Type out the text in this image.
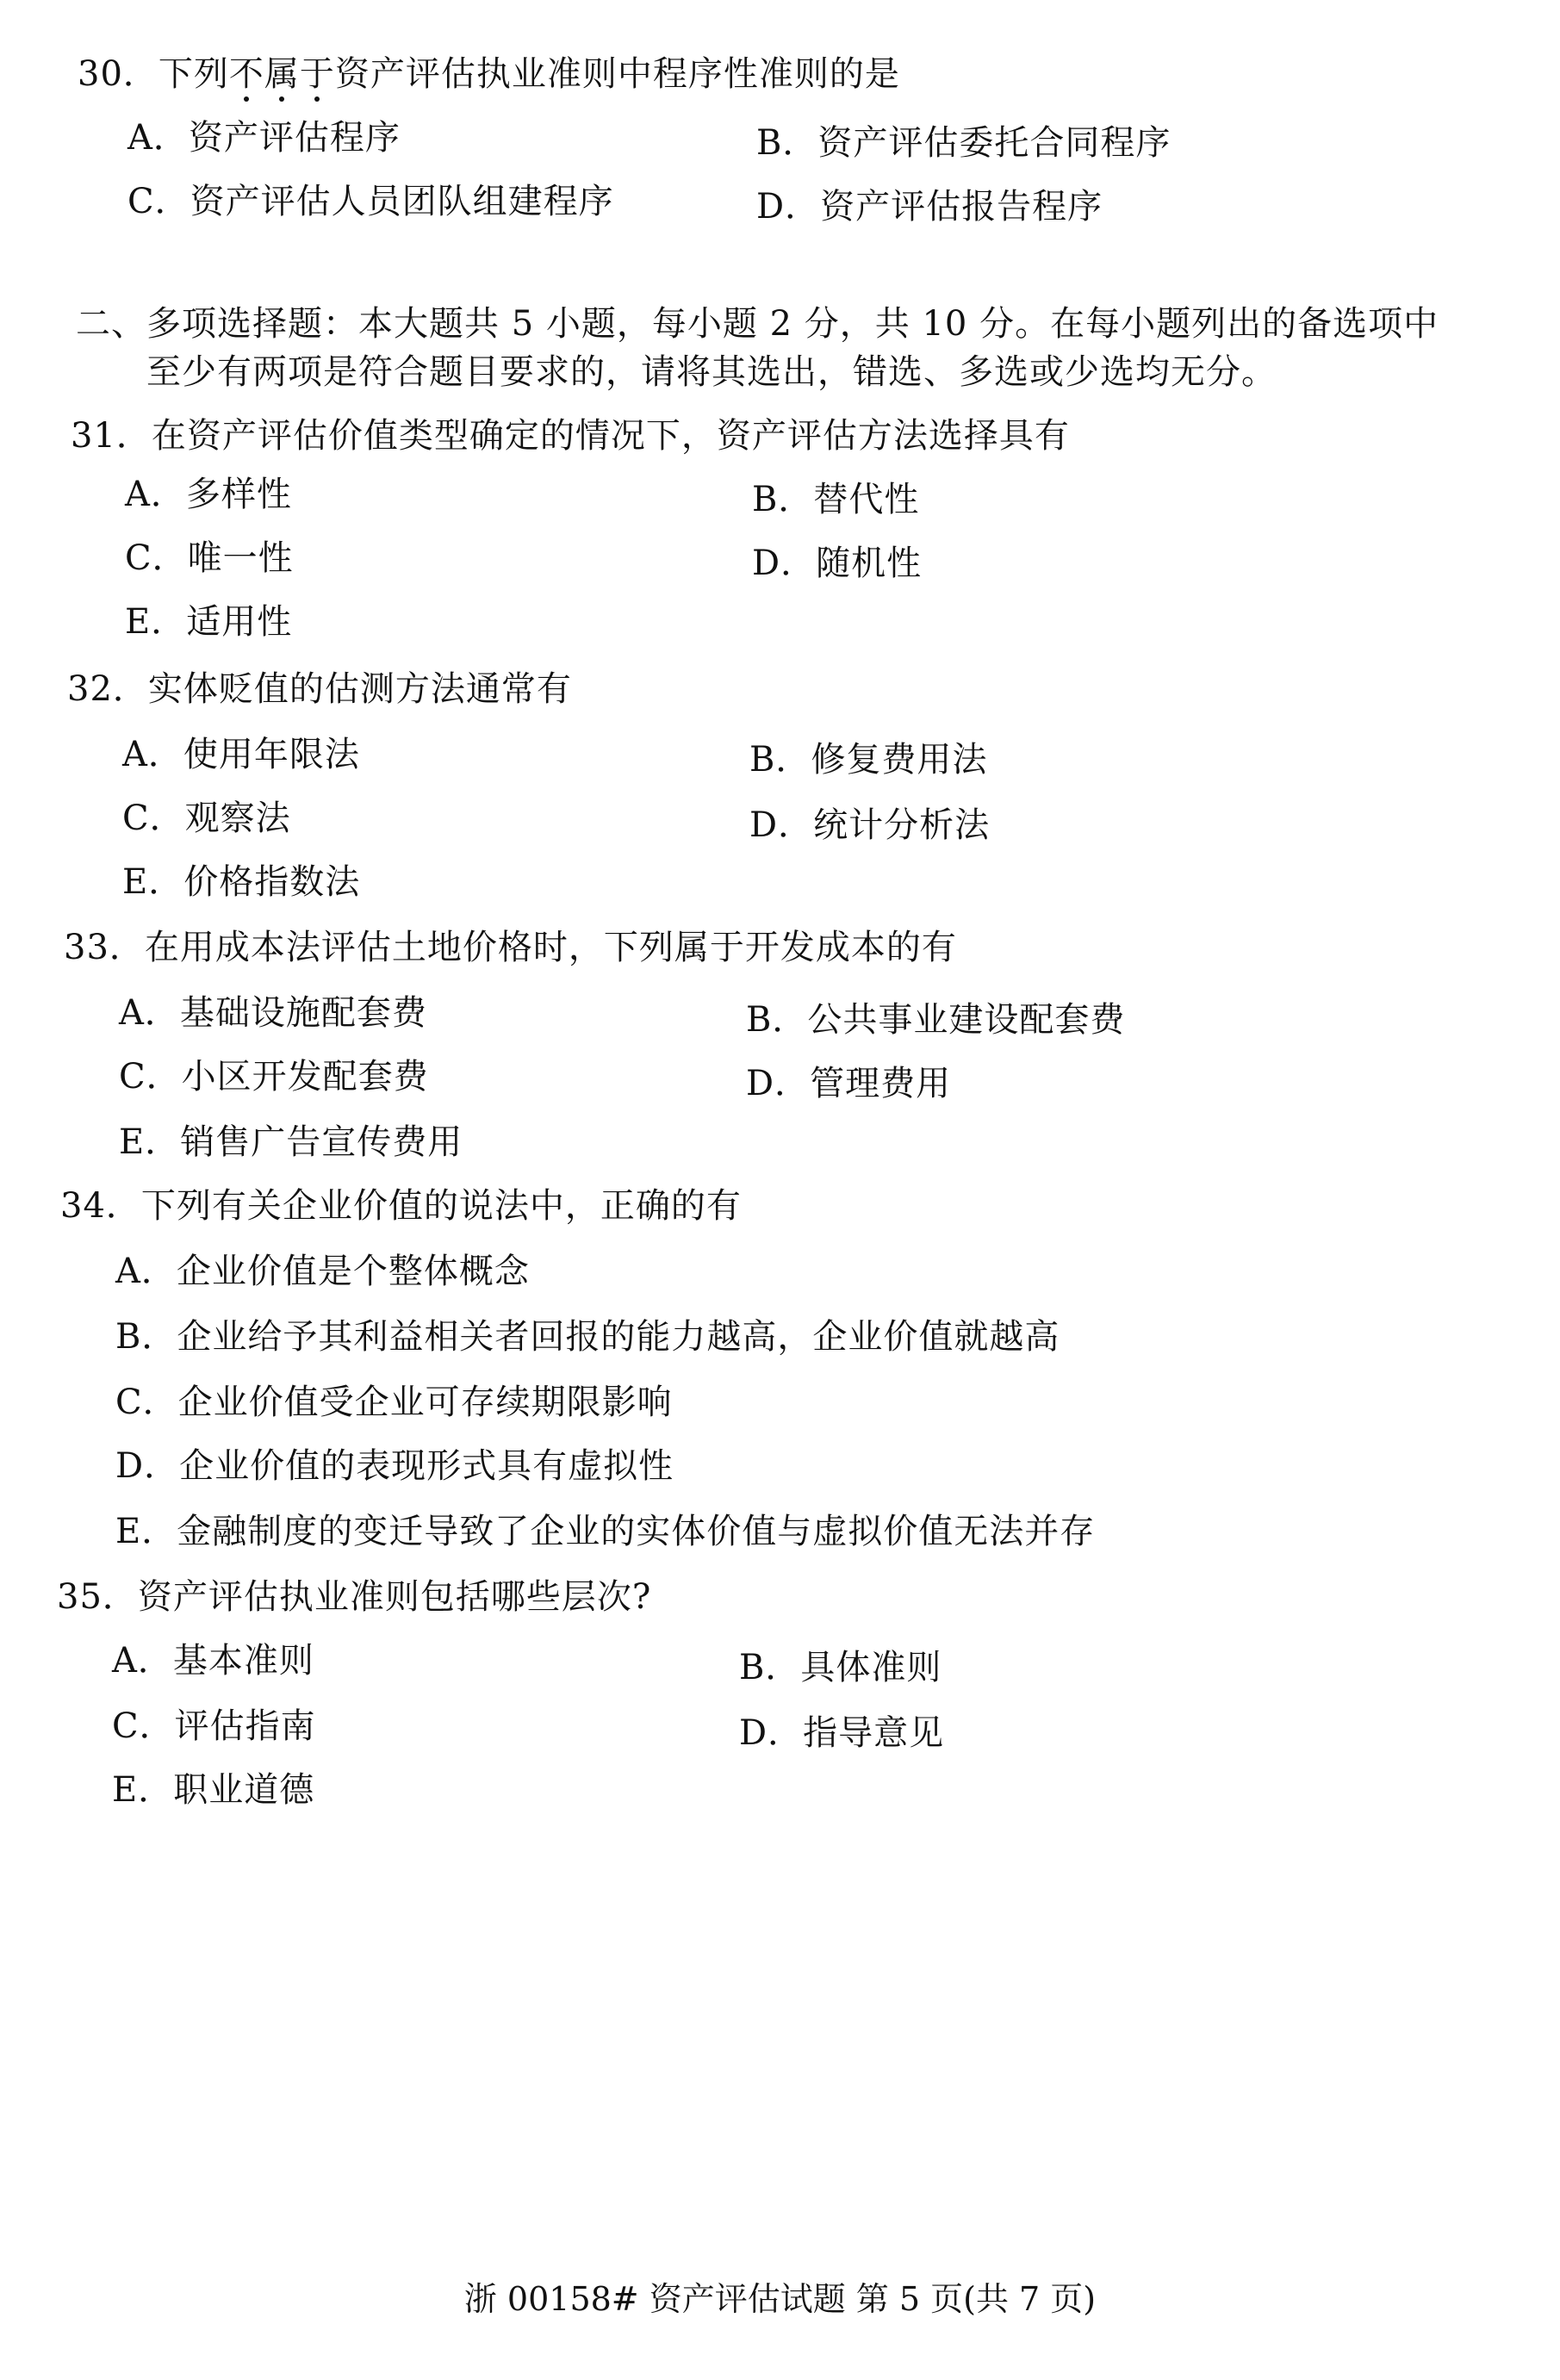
30．下列不属于资产评估执业准则中程序性准则的是
A．资产评估程序	B．资产评估委托合同程序
C．资产评估人员团队组建程序	D．资产评估报告程序
二、多项选择题：本大题共 5 小题，每小题 2 分，共 10 分。在每小题列出的备选项中
至少有两项是符合题目要求的，请将其选出，错选、多选或少选均无分。
31．在资产评估价值类型确定的情况下，资产评估方法选择具有
A．多样性	B．替代性
C．唯一性	D．随机性
E．适用性
32．实体贬值的估测方法通常有
A．使用年限法	B．修复费用法
C．观察法	D．统计分析法
E．价格指数法
33．在用成本法评估土地价格时，下列属于开发成本的有
A．基础设施配套费	B．公共事业建设配套费
C．小区开发配套费	D．管理费用
E．销售广告宣传费用
34．下列有关企业价值的说法中，正确的有
A．企业价值是个整体概念
B．企业给予其利益相关者回报的能力越高，企业价值就越高
C．企业价值受企业可存续期限影响
D．企业价值的表现形式具有虚拟性
E．金融制度的变迁导致了企业的实体价值与虚拟价值无法并存
35．资产评估执业准则包括哪些层次?
A．基本准则	B．具体准则
C．评估指南	D．指导意见
E．职业道德
浙 00158# 资产评估试题 第 5 页(共 7 页)
